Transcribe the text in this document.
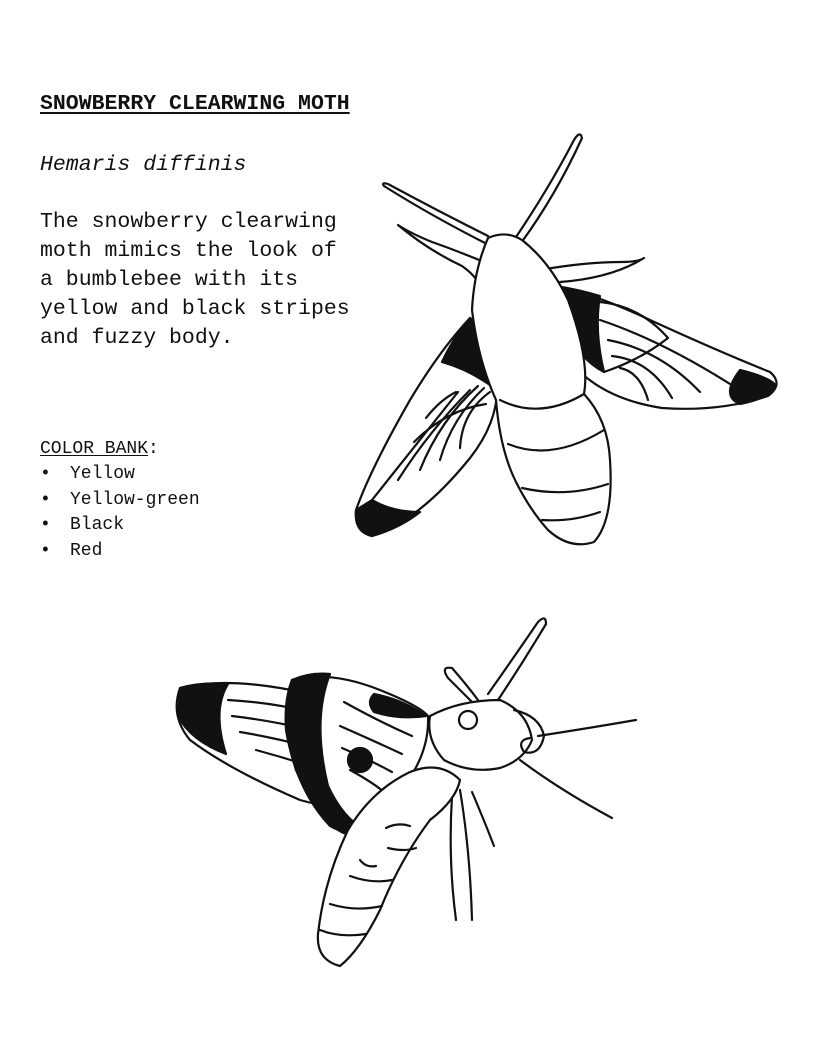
SNOWBERRY CLEARWING MOTH

Hemaris diffinis

The snowberry clearwing moth mimics the look of a bumblebee with its yellow and black stripes and fuzzy body.

COLOR BANK:

• Yellow
• Yellow-green
• Black
• Red
